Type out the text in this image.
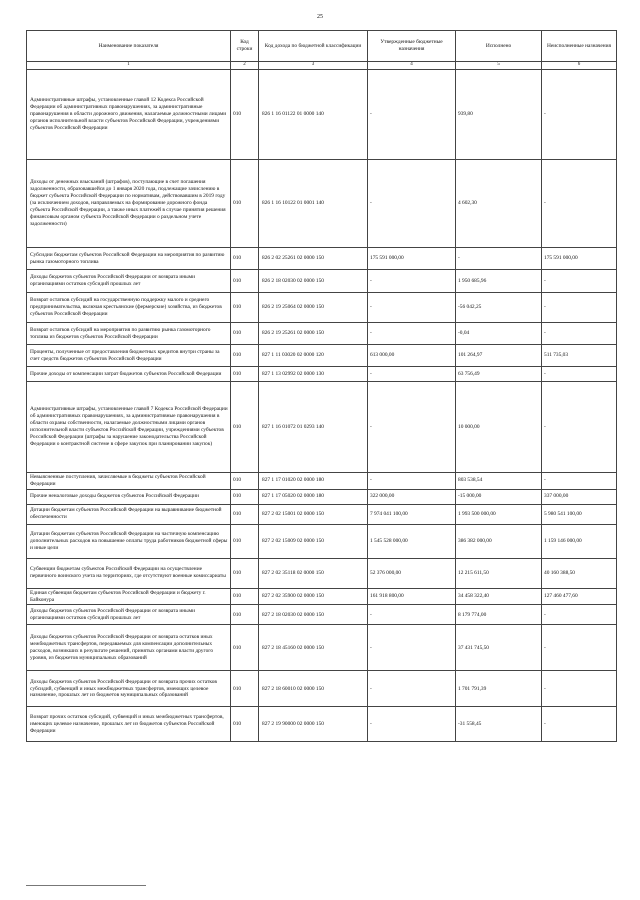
25
Наименование показателя	Код строки	Код дохода по бюджетной классификации	Утвержденные бюджетные назначения	Исполнено	Неисполненные назначения
1	2	3	4	5	6
Административные штрафы, установленные главой 12 Кодекса Российской Федерации об административных правонарушениях, за административные правонарушения в области дорожного движения, налагаемые должностными лицами органов исполнительной власти субъектов Российской Федерации, учреждениями субъектов Российской Федерации	010	826 1 16 01122 01 0000 140	-	939,80	-
Доходы от денежных взысканий (штрафов), поступающие в счет погашения задолженности, образовавшейся до 1 января 2020 года, подлежащие зачислению в бюджет субъекта Российской Федерации по нормативам, действовавшим в 2019 году (за исключением доходов, направляемых на формирование дорожного фонда субъекта Российской Федерации, а также иных платежей в случае принятия решения финансовым органом субъекта Российской Федерации о раздельном учете задолженности)	010	826 1 16 10122 01 0001 140	-	4 602,30	-
Субсидии бюджетам субъектов Российской Федерации на мероприятия по развитию рынка газомоторного топлива	010	826 2 02 25261 02 0000 150	175 591 000,00	-	175 591 000,00
Доходы бюджетов субъектов Российской Федерации от возврата иными организациями остатков субсидий прошлых лет	010	826 2 18 02030 02 0000 150	-	1 950 685,96	-
Возврат остатков субсидий на государственную поддержку малого и среднего предпринимательства, включая крестьянские (фермерские) хозяйства, из бюджетов субъектов Российской Федерации	010	826 2 19 25064 02 0000 150	-	-56 042,25	-
Возврат остатков субсидий на мероприятия по развитию рынка газомоторного топлива из бюджетов субъектов Российской Федерации	010	826 2 19 25261 02 0000 150	-	-0,04	-
Проценты, полученные от предоставления бюджетных кредитов внутри страны за счет средств бюджетов субъектов Российской Федерации	010	827 1 11 03020 02 0000 120	613 000,00	101 264,97	511 735,03
Прочие доходы от компенсации затрат бюджетов субъектов Российской Федерации	010	827 1 13 02992 02 0000 130	-	63 756,49	-
Административные штрафы, установленные главой 7 Кодекса Российской Федерации об административных правонарушениях, за административные правонарушения в области охраны собственности, налагаемые должностными лицами органов исполнительной власти субъектов Российской Федерации, учреждениями субъектов Российской Федерации (штрафы за нарушение законодательства Российской Федерации о контрактной системе в сфере закупок при планировании закупок)	010	827 1 16 01072 01 0293 140	-	10 000,00	-
Невыясненные поступления, зачисляемые в бюджеты субъектов Российской Федерации	010	827 1 17 01020 02 0000 180	-	803 538,54	-
Прочие неналоговые доходы бюджетов субъектов Российской Федерации	010	827 1 17 05020 02 0000 180	322 000,00	-15 000,00	337 000,00
Дотации бюджетам субъектов Российской Федерации на выравнивание бюджетной обеспеченности	010	827 2 02 15001 02 0000 150	7 974 041 100,00	1 993 500 000,00	5 980 541 100,00
Дотации бюджетам субъектов Российской Федерации на частичную компенсацию дополнительных расходов на повышение оплаты труда работников бюджетной сферы и иные цели	010	827 2 02 15009 02 0000 150	1 545 528 000,00	386 382 000,00	1 159 146 000,00
Субвенции бюджетам субъектов Российской Федерации на осуществление первичного воинского учета на территориях, где отсутствуют военные комиссариаты	010	827 2 02 35118 02 0000 150	52 376 000,00	12 215 611,50	40 160 388,50
Единая субвенция бюджетам субъектов Российской Федерации и бюджету г. Байконура	010	827 2 02 35900 02 0000 150	161 918 800,00	34 458 322,40	127 460 477,60
Доходы бюджетов субъектов Российской Федерации от возврата иными организациями остатков субсидий прошлых лет	010	827 2 18 02030 02 0000 150	-	8 179 774,00	-
Доходы бюджетов субъектов Российской Федерации от возврата остатков иных межбюджетных трансфертов, передаваемых для компенсации дополнительных расходов, возникших в результате решений, принятых органами власти другого уровня, из бюджетов муниципальных образований	010	827 2 18 45160 02 0000 150	-	37 431 745,50	-
Доходы бюджетов субъектов Российской Федерации от возврата прочих остатков субсидий, субвенций и иных межбюджетных трансфертов, имеющих целевое назначение, прошлых лет из бюджетов муниципальных образований	010	827 2 18 60010 02 0000 150	-	1 701 791,39	-
Возврат прочих остатков субсидий, субвенций и иных межбюджетных трансфертов, имеющих целевое назначение, прошлых лет из бюджетов субъектов Российской Федерации	010	827 2 19 90000 02 0000 150	-	-31 558,45	-
